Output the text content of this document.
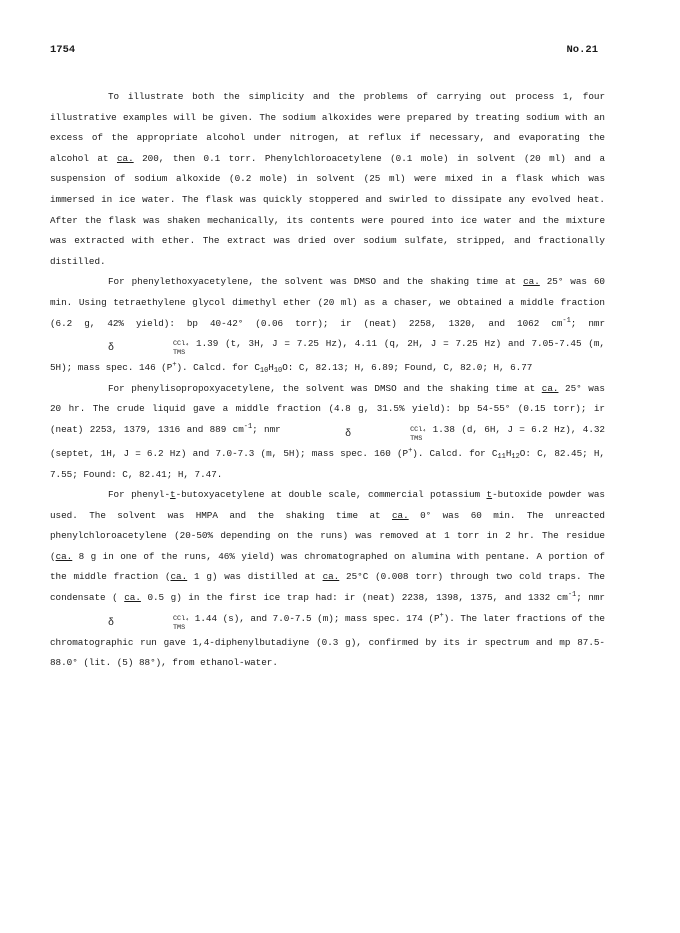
1754	No.21

To illustrate both the simplicity and the problems of carrying out process 1, four illustrative examples will be given. The sodium alkoxides were prepared by treating sodium with an excess of the appropriate alcohol under nitrogen, at reflux if necessary, and evaporating the alcohol at ca. 200, then 0.1 torr. Phenylchloroacetylene (0.1 mole) in solvent (20 ml) and a suspension of sodium alkoxide (0.2 mole) in solvent (25 ml) were mixed in a flask which was immersed in ice water. The flask was quickly stoppered and swirled to dissipate any evolved heat. After the flask was shaken mechanically, its contents were poured into ice water and the mixture was extracted with ether. The extract was dried over sodium sulfate, stripped, and fractionally distilled.

For phenylethoxyacetylene, the solvent was DMSO and the shaking time at ca. 25° was 60 min. Using tetraethylene glycol dimethyl ether (20 ml) as a chaser, we obtained a middle fraction (6.2 g, 42% yield): bp 40-42° (0.06 torr); ir (neat) 2258, 1320, and 1062 $cm^{-1}$; nmr
δ	CCl₄
TMS
1.39 (t, 3H, J = 7.25 Hz), 4.11 (q, 2H, J = 7.25 Hz) and 7.05-7.45 (m, 5H); mass spec. 146 (P+). Calcd. for $C_{10}H_{10}O$: C, 82.13; H, 6.89; Found, C, 82.0; H, 6.77

For phenylisopropoxyacetylene, the solvent was DMSO and the shaking time at ca. 25° was 20 hr. The crude liquid gave a middle fraction (4.8 g, 31.5% yield): bp 54-55° (0.15 torr); ir (neat) 2253, 1379, 1316 and 889 $cm^{-1}$; nmr	δ	CCl₄
TMS
1.38 (d, 6H, J = 6.2 Hz), 4.32 (septet, 1H, J = 6.2 Hz) and 7.0-7.3 (m, 5H); mass spec. 160 (P+). Calcd. for $C_{11}H_{12}O$: C, 82.45; H, 7.55; Found: C, 82.41; H, 7.47.

For phenyl-t-butoxyacetylene at double scale, commercial potassium t-butoxide powder was used. The solvent was HMPA and the shaking time at ca. 0° was 60 min. The unreacted phenylchloroacetylene (20-50% depending on the runs) was removed at 1 torr in 2 hr. The residue (ca. 8 g in one of the runs, 46% yield) was chromatographed on alumina with pentane. A portion of the middle fraction (ca. 1 g) was distilled at ca. 25°C (0.008 torr) through two cold traps. The condensate ( ca. 0.5 g) in the first ice trap had: ir (neat) 2238, 1398, 1375, and 1332 $cm^{-1}$; nmr
δ	CCl₄
TMS
1.44 (s), and 7.0-7.5 (m); mass spec. 174 (P+). The later fractions of the chromatographic run gave 1,4-diphenylbutadiyne (0.3 g), confirmed by its ir spectrum and mp 87.5-88.0° (lit. (5) 88°), from ethanol-water.
